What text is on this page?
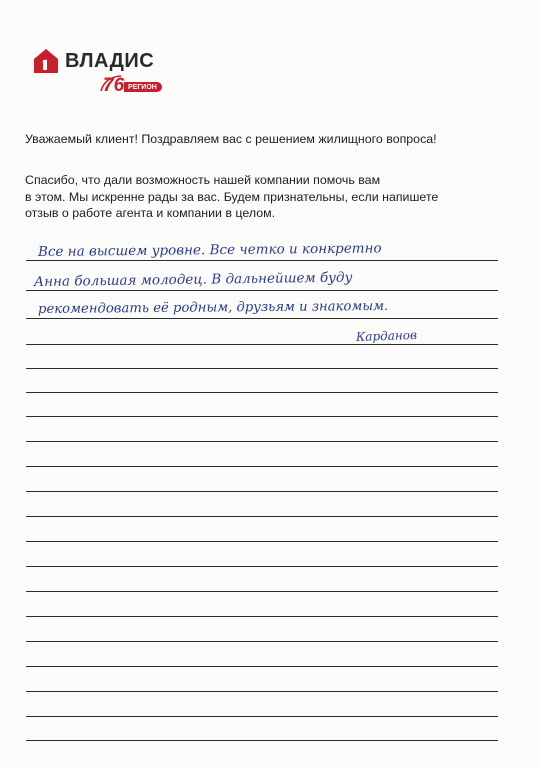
ВЛАДИС
76 РЕГИОН
Уважаемый клиент! Поздравляем вас с решением жилищного вопроса!
Спасибо, что дали возможность нашей компании помочь вам
в этом. Мы искренне рады за вас. Будем признательны, если напишете
отзыв о работе агента и компании в целом.
Все на высшем уровне. Все четко и конкретно
Анна большая молодец. В дальнейшем буду
рекомендовать её родным, друзьям и знакомым.
Карданов
